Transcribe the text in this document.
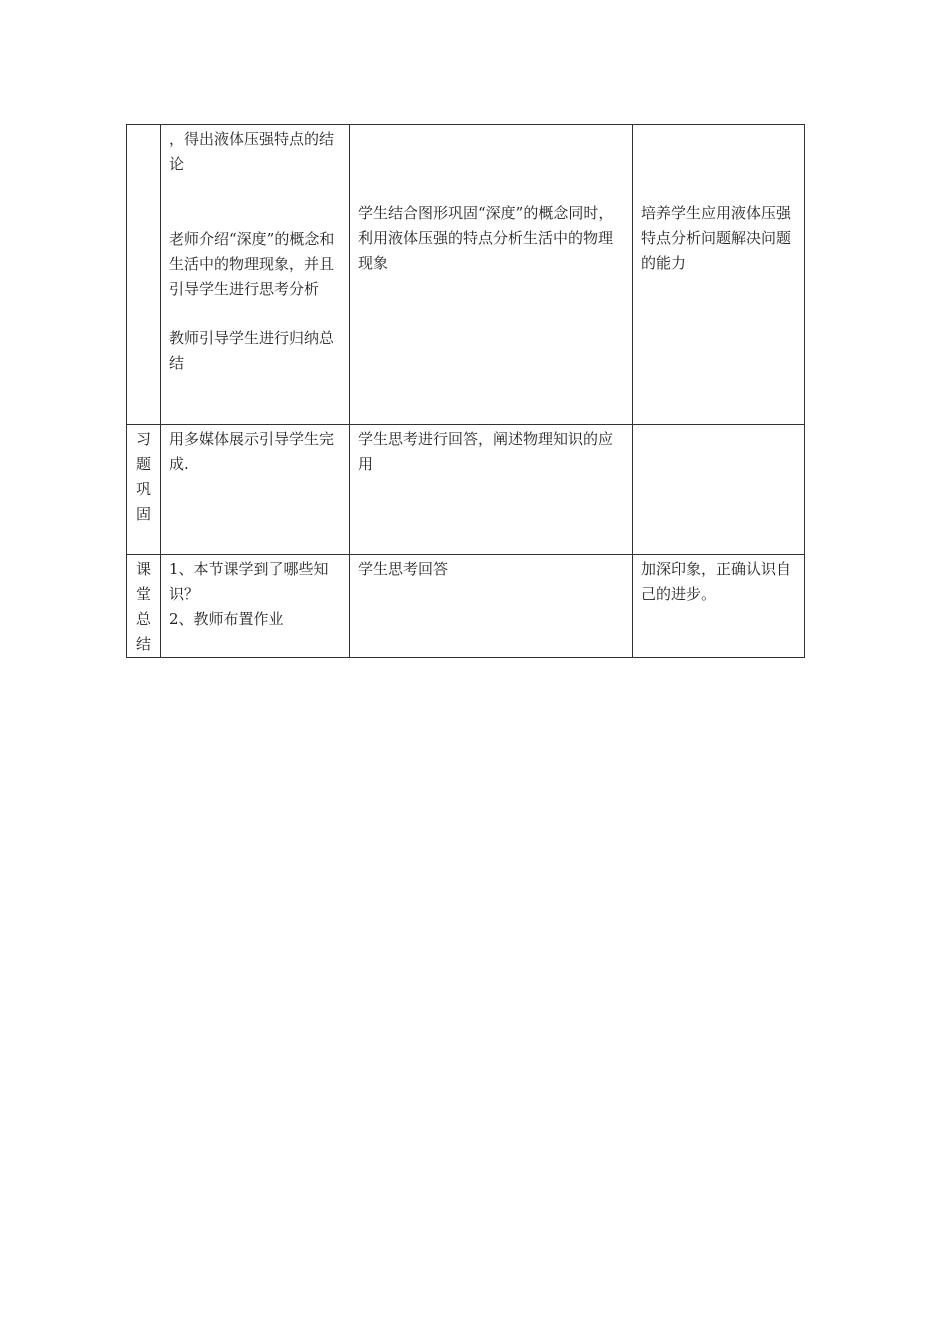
	，得出液体压强特点的结论
老师介绍“深度”的概念和生活中的物理现象，并且引导学生进行思考分析
教师引导学生进行归纳总结	学生结合图形巩固“深度”的概念同时，利用液体压强的特点分析生活中的物理现象	培养学生应用液体压强特点分析问题解决问题的能力

习题巩固	用多媒体展示引导学生完成.	学生思考进行回答，阐述物理知识的应用	

课堂总结	1、本节课学到了哪些知识？
2、教师布置作业	学生思考回答	加深印象，正确认识自己的进步。
